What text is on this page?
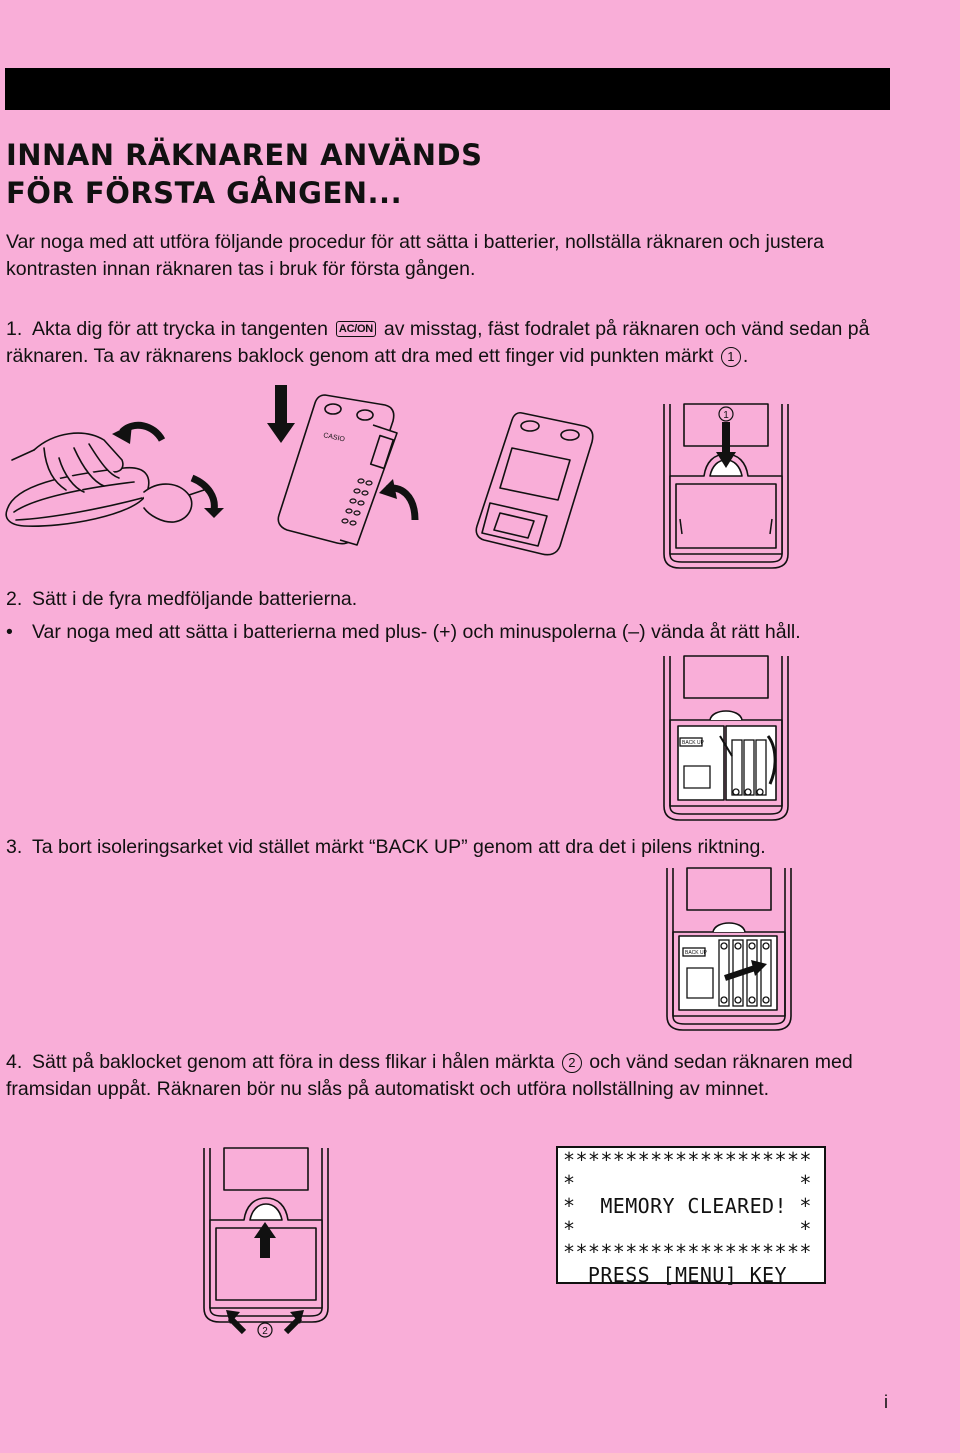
INNAN RÄKNAREN ANVÄNDS
FÖR FÖRSTA GÅNGEN...

Var noga med att utföra följande procedur för att sätta i batterier, nollställa räknaren och justera kontrasten innan räknaren tas i bruk för första gången.

1. Akta dig för att trycka in tangenten AC/ON av misstag, fäst fodralet på räknaren och vänd sedan på räknaren. Ta av räknarens baklock genom att dra med ett finger vid punkten märkt 1 .

CASIO
1

2. Sätt i de fyra medföljande batterierna.

• Var noga med att sätta i batterierna med plus- (+) och minuspolerna (–) vända åt rätt håll.

BACK UP

3. Ta bort isoleringsarket vid stället märkt “BACK UP” genom att dra det i pilens riktning.

BACK UP

4. Sätt på baklocket genom att föra in dess flikar i hålen märkta 2 och vänd sedan räknaren med framsidan uppåt. Räknaren bör nu slås på automatiskt och utföra nollställning av minnet.

2
********************
*                  *
*  MEMORY CLEARED! *
*                  *
********************
PRESS [MENU] KEY
i
